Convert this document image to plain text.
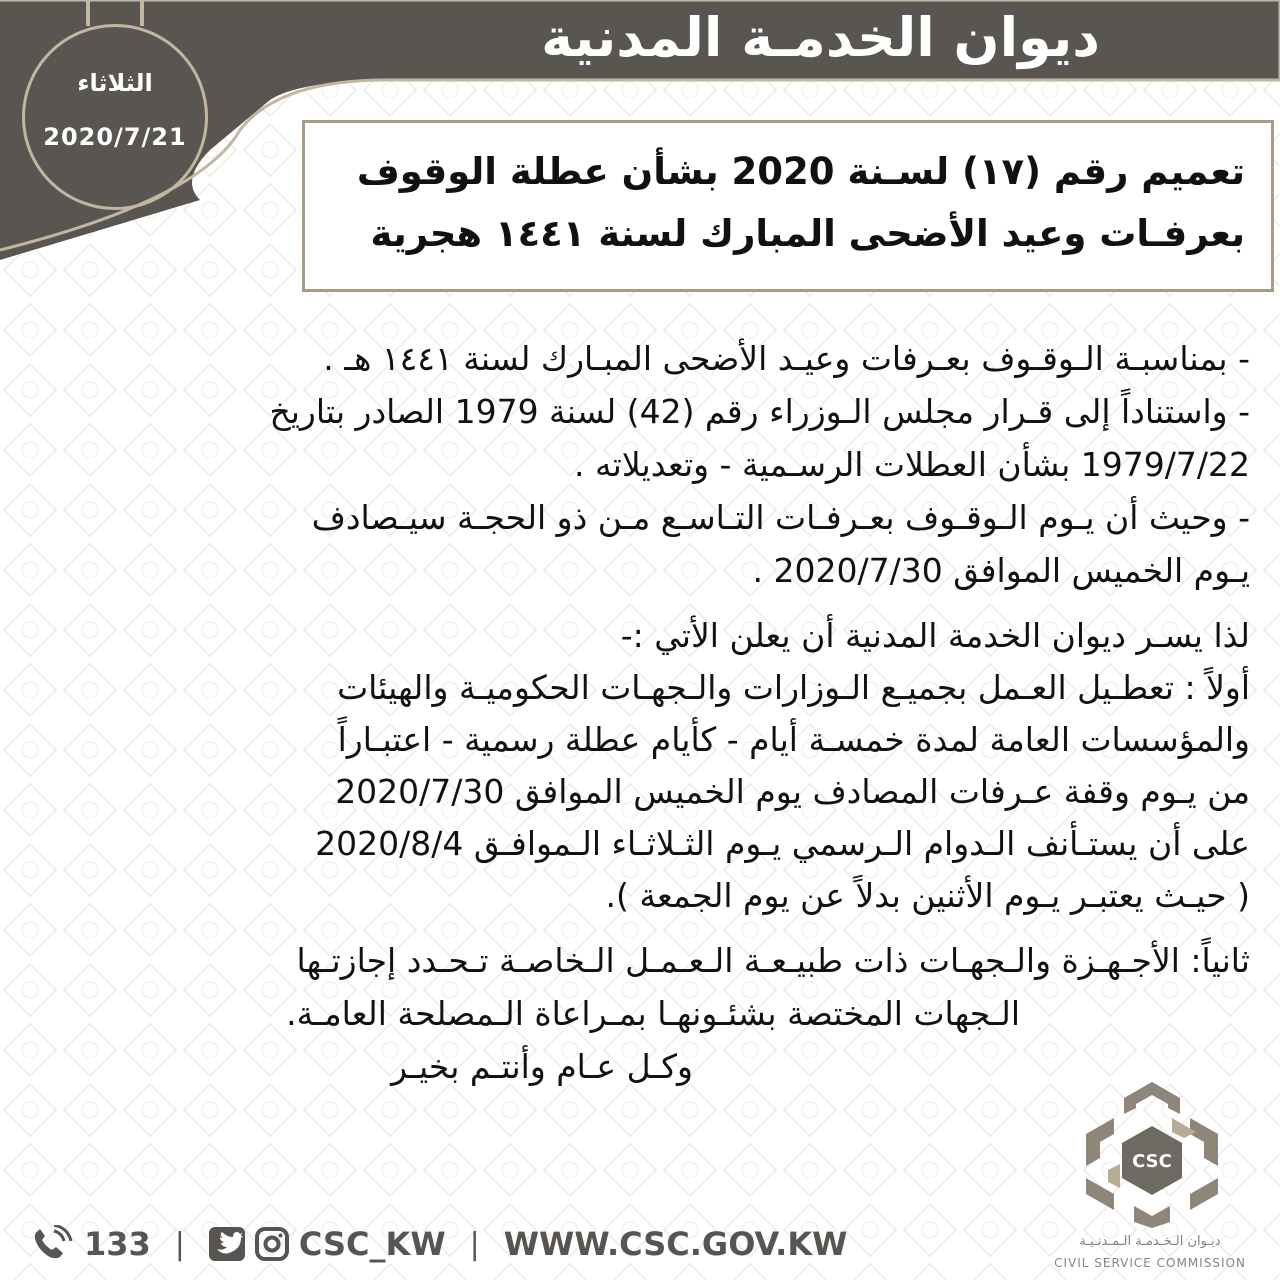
ديوان الخدمـة المدنية
الثلاثاء
2020/7/21
تعميم رقم (١٧) لسـنة 2020 بشأن عطلة الوقوف
بعرفـات وعيد الأضحى المبارك لسنة ١٤٤١ هجرية
- بمناسبـة الـوقـوف بعـرفات وعيـد الأضحى المبـارك لسنة ١٤٤١ هـ .
- واستناداً إلى قـرار مجلس الـوزراء رقم (42) لسنة 1979 الصادر بتاريخ
1979/7/22 بشأن العطلات الرسـمية - وتعديلاته .
- وحيث أن يـوم الـوقـوف بعـرفـات التـاسـع مـن ذو الحجـة سيـصادف
يـوم الخميس الموافق 2020/7/30 .
لذا يسـر ديوان الخدمة المدنية أن يعلن الأتي :-
أولاً : تعطـيل العـمل بجميـع الـوزارات والـجهـات الحكوميـة والهيئات
والمؤسسات العامة لمدة خمسـة أيام - كأيام عطلة رسمية - اعتبـاراً
من يـوم وقفة عـرفات المصادف يوم الخميس الموافق 2020/7/30
على أن يستـأنف الـدوام الـرسمي يـوم الثـلاثـاء الـموافـق 2020/8/4
( حيـث يعتبـر يـوم الأثنين بدلاً عن يوم الجمعة ).
ثانياً: الأجـهـزة والـجهـات ذات طبيـعـة الـعـمـل الـخاصـة تـحـدد إجازتـها
الـجهات المختصة بشئـونهـا بمـراعاة الـمصلحة العامـة.
وكـل عـام وأنتـم بخيـر
CSC
ديـوان الـخـدمـة الـمـدنـيـة
CIVIL SERVICE COMMISSION
133 |	CSC_KW | WWW.CSC.GOV.KW
